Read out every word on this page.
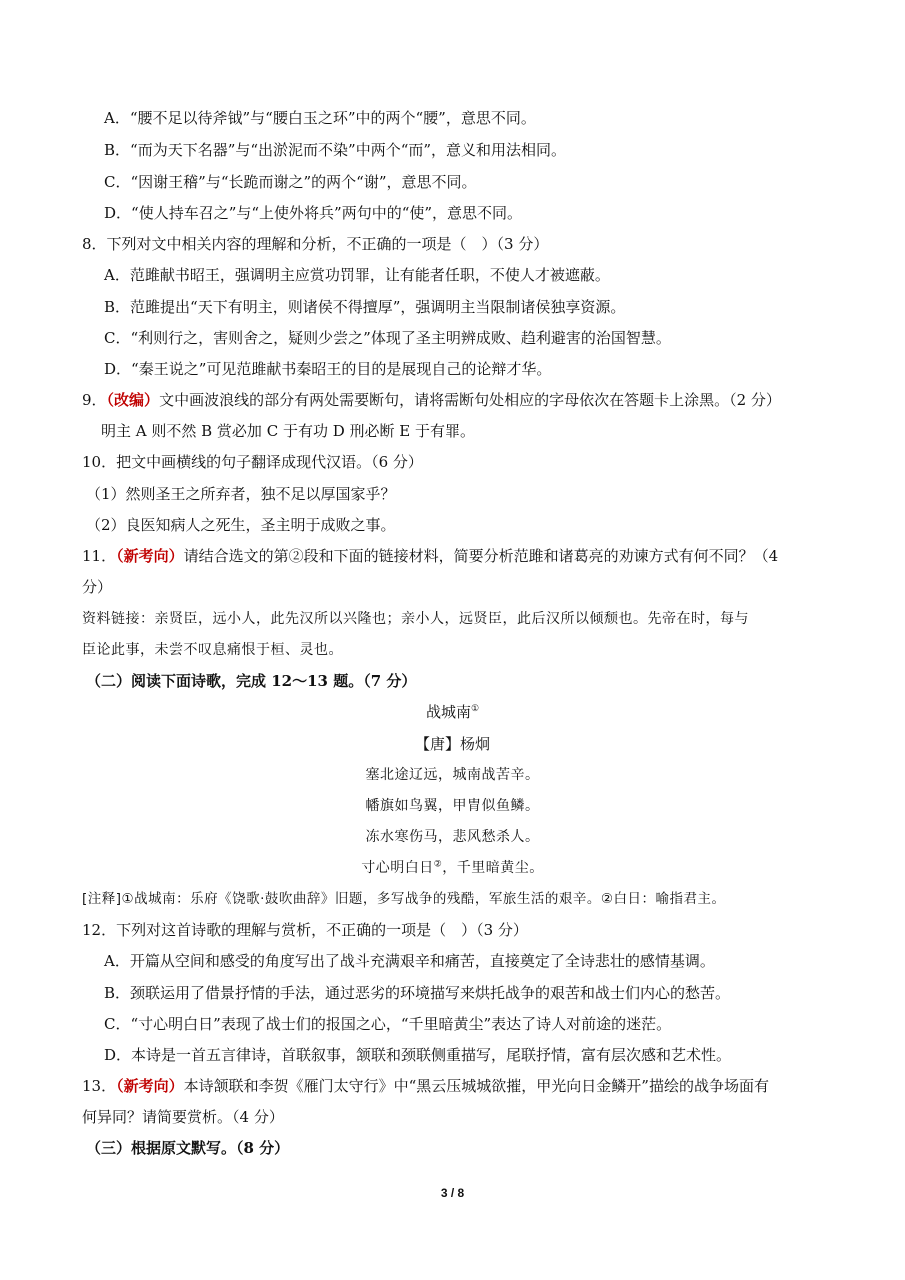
A．“腰不足以待斧钺”与“腰白玉之环”中的两个“腰”，意思不同。
B．“而为天下名器”与“出淤泥而不染”中两个“而”，意义和用法相同。
C．“因谢王稽”与“长跪而谢之”的两个“谢”，意思不同。
D．“使人持车召之”与“上使外将兵”两句中的“使”，意思不同。
8．下列对文中相关内容的理解和分析，不正确的一项是（　）（3 分）
A．范雎献书昭王，强调明主应赏功罚罪，让有能者任职，不使人才被遮蔽。
B．范雎提出“天下有明主，则诸侯不得擅厚”，强调明主当限制诸侯独享资源。
C．“利则行之，害则舍之，疑则少尝之”体现了圣主明辨成败、趋利避害的治国智慧。
D．“秦王说之”可见范雎献书秦昭王的目的是展现自己的论辩才华。
9．（改编）文中画波浪线的部分有两处需要断句，请将需断句处相应的字母依次在答题卡上涂黑。（2 分）
明主 A 则不然 B 赏必加 C 于有功 D 刑必断 E 于有罪。
10．把文中画横线的句子翻译成现代汉语。（6 分）
（1）然则圣王之所弃者，独不足以厚国家乎？
（2）良医知病人之死生，圣主明于成败之事。
11．（新考向）请结合选文的第②段和下面的链接材料，简要分析范雎和诸葛亮的劝谏方式有何不同？（4
分）
资料链接：亲贤臣，远小人，此先汉所以兴隆也；亲小人，远贤臣，此后汉所以倾颓也。先帝在时，每与
臣论此事，未尝不叹息痛恨于桓、灵也。
（二）阅读下面诗歌，完成 12～13 题。（7 分）
战城南①
【唐】杨炯
塞北途辽远，城南战苦辛。
幡旗如鸟翼，甲胄似鱼鳞。
冻水寒伤马，悲风愁杀人。
寸心明白日②，千里暗黄尘。
[注释]①战城南：乐府《饶歌·鼓吹曲辞》旧题，多写战争的残酷，军旅生活的艰辛。②白日：喻指君主。
12．下列对这首诗歌的理解与赏析，不正确的一项是（　）（3 分）
A．开篇从空间和感受的角度写出了战斗充满艰辛和痛苦，直接奠定了全诗悲壮的感情基调。
B．颈联运用了借景抒情的手法，通过恶劣的环境描写来烘托战争的艰苦和战士们内心的愁苦。
C．“寸心明白日”表现了战士们的报国之心，“千里暗黄尘”表达了诗人对前途的迷茫。
D．本诗是一首五言律诗，首联叙事，颔联和颈联侧重描写，尾联抒情，富有层次感和艺术性。
13．（新考向）本诗颔联和李贺《雁门太守行》中“黑云压城城欲摧，甲光向日金鳞开”描绘的战争场面有
何异同？请简要赏析。（4 分）
（三）根据原文默写。（8 分）
3 / 8
